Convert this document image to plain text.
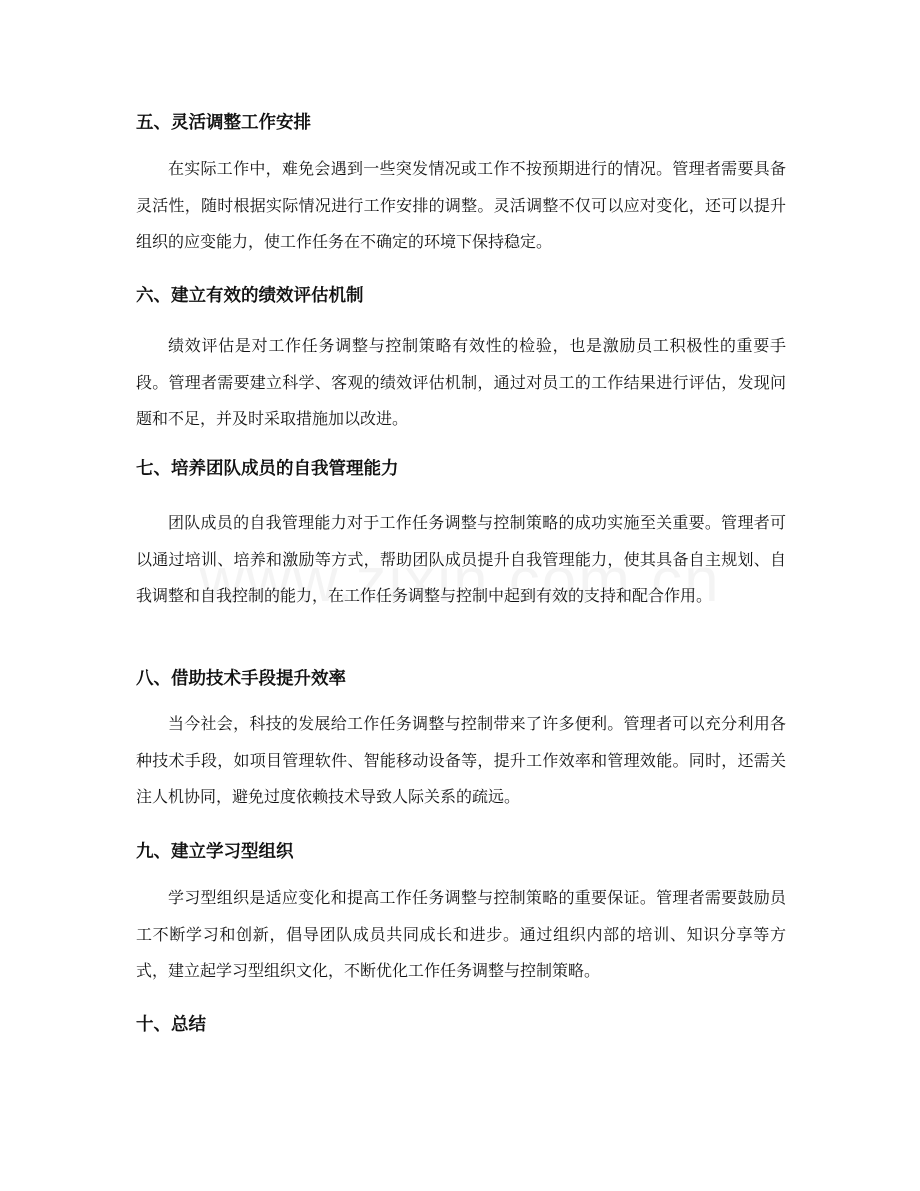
五、灵活调整工作安排
在实际工作中，难免会遇到一些突发情况或工作不按预期进行的情况。管理者需要具备灵活性，随时根据实际情况进行工作安排的调整。灵活调整不仅可以应对变化，还可以提升组织的应变能力，使工作任务在不确定的环境下保持稳定。
六、建立有效的绩效评估机制
绩效评估是对工作任务调整与控制策略有效性的检验，也是激励员工积极性的重要手段。管理者需要建立科学、客观的绩效评估机制，通过对员工的工作结果进行评估，发现问题和不足，并及时采取措施加以改进。
七、培养团队成员的自我管理能力
团队成员的自我管理能力对于工作任务调整与控制策略的成功实施至关重要。管理者可以通过培训、培养和激励等方式，帮助团队成员提升自我管理能力，使其具备自主规划、自我调整和自我控制的能力，在工作任务调整与控制中起到有效的支持和配合作用。
八、借助技术手段提升效率
当今社会，科技的发展给工作任务调整与控制带来了许多便利。管理者可以充分利用各种技术手段，如项目管理软件、智能移动设备等，提升工作效率和管理效能。同时，还需关注人机协同，避免过度依赖技术导致人际关系的疏远。
九、建立学习型组织
学习型组织是适应变化和提高工作任务调整与控制策略的重要保证。管理者需要鼓励员工不断学习和创新，倡导团队成员共同成长和进步。通过组织内部的培训、知识分享等方式，建立起学习型组织文化，不断优化工作任务调整与控制策略。
十、总结
